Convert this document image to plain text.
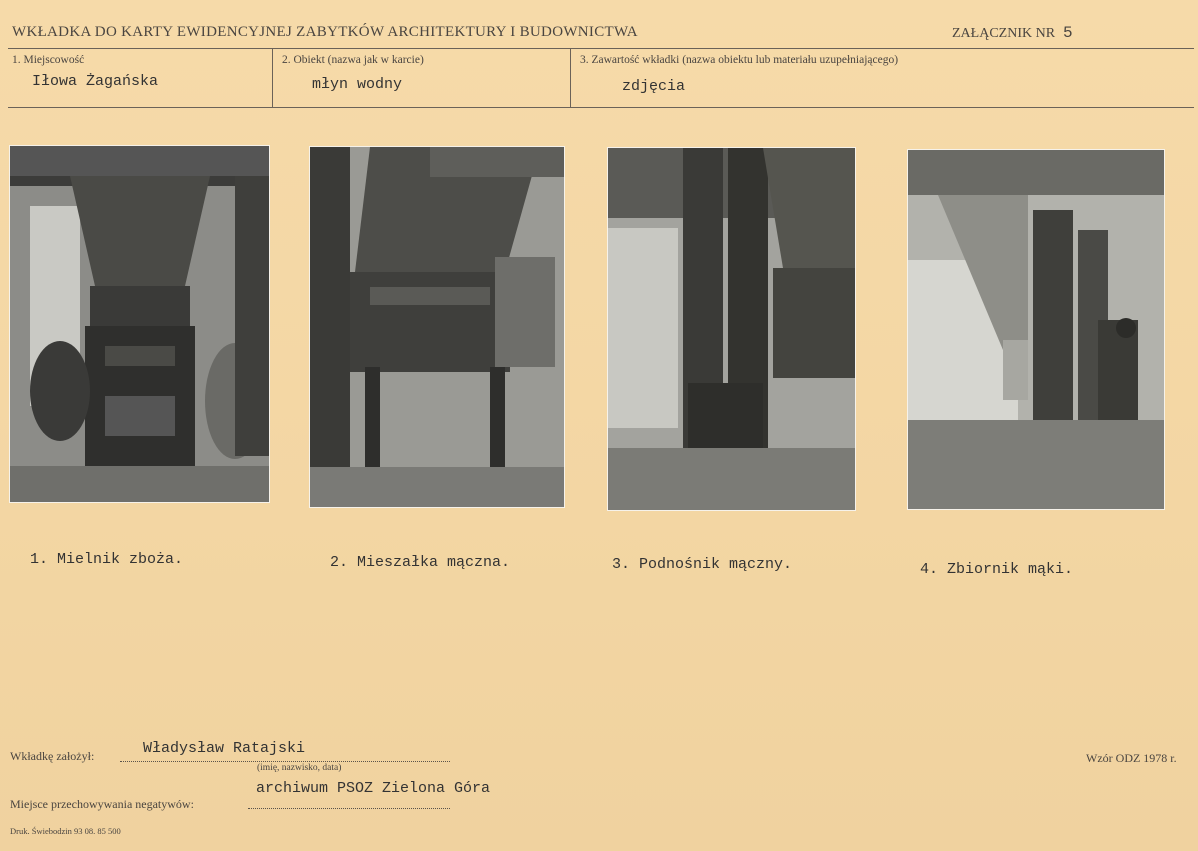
WKŁADKA DO KARTY EWIDENCYJNEJ ZABYTKÓW ARCHITEKTURY I BUDOWNICTWA	ZAŁĄCZNIK NR 5
1. Miejscowość
Iłowa Żagańska
2. Obiekt (nazwa jak w karcie)
młyn wodny
3. Zawartość wkładki (nazwa obiektu lub materiału uzupełniającego)
zdjęcia
1. Mielnik zboża.	2. Mieszałka mączna.	3. Podnośnik mączny.	4. Zbiornik mąki.
Wkładkę założył:	Władysław Ratajski
(imię, nazwisko, data)
archiwum PSOZ Zielona Góra
Miejsce przechowywania negatywów:
Wzór ODZ 1978 r.
Druk. Świebodzin 93 08. 85 500
